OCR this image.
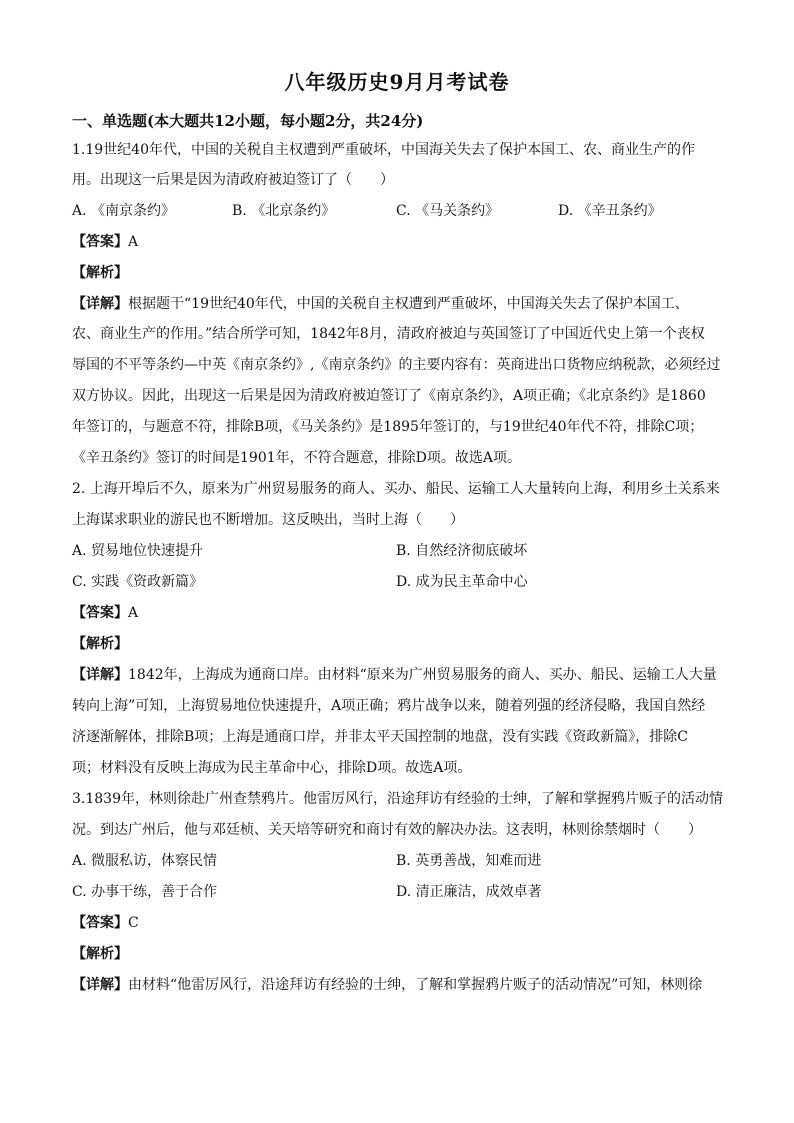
八年级历史9月月考试卷
一、单选题(本大题共12小题，每小题2分，共24分)
1.19世纪40年代，中国的关税自主权遭到严重破坏，中国海关失去了保护本国工、农、商业生产的作
用。出现这一后果是因为清政府被迫签订了（　　）
A. 《南京条约》	B. 《北京条约》	C. 《马关条约》	D. 《辛丑条约》
【答案】A
【解析】
【详解】根据题干“19世纪40年代，中国的关税自主权遭到严重破坏，中国海关失去了保护本国工、
农、商业生产的作用。”结合所学可知，1842年8月，清政府被迫与英国签订了中国近代史上第一个丧权
辱国的不平等条约—中英《南京条约》,《南京条约》的主要内容有：英商进出口货物应纳税款，必须经过
双方协议。因此，出现这一后果是因为清政府被迫签订了《南京条约》，A项正确；《北京条约》是1860
年签订的，与题意不符，排除B项，《马关条约》是1895年签订的，与19世纪40年代不符，排除C项；
《辛丑条约》签订的时间是1901年，不符合题意，排除D项。故选A项。
2. 上海开埠后不久，原来为广州贸易服务的商人、买办、船民、运输工人大量转向上海，利用乡土关系来
上海谋求职业的游民也不断增加。这反映出，当时上海（　　）
A. 贸易地位快速提升	B. 自然经济彻底破坏
C. 实践《资政新篇》	D. 成为民主革命中心
【答案】A
【解析】
【详解】1842年，上海成为通商口岸。由材料“原来为广州贸易服务的商人、买办、船民、运输工人大量
转向上海”可知，上海贸易地位快速提升，A项正确；鸦片战争以来，随着列强的经济侵略，我国自然经
济逐渐解体，排除B项；上海是通商口岸，并非太平天国控制的地盘，没有实践《资政新篇》，排除C
项；材料没有反映上海成为民主革命中心，排除D项。故选A项。
3.1839年，林则徐赴广州查禁鸦片。他雷厉风行，沿途拜访有经验的士绅，了解和掌握鸦片贩子的活动情
况。到达广州后，他与邓廷桢、关天培等研究和商讨有效的解决办法。这表明，林则徐禁烟时（　　）
A. 微服私访，体察民情	B. 英勇善战，知难而进
C. 办事干练，善于合作	D. 清正廉洁，成效卓著
【答案】C
【解析】
【详解】由材料“他雷厉风行，沿途拜访有经验的士绅，了解和掌握鸦片贩子的活动情况”可知，林则徐
